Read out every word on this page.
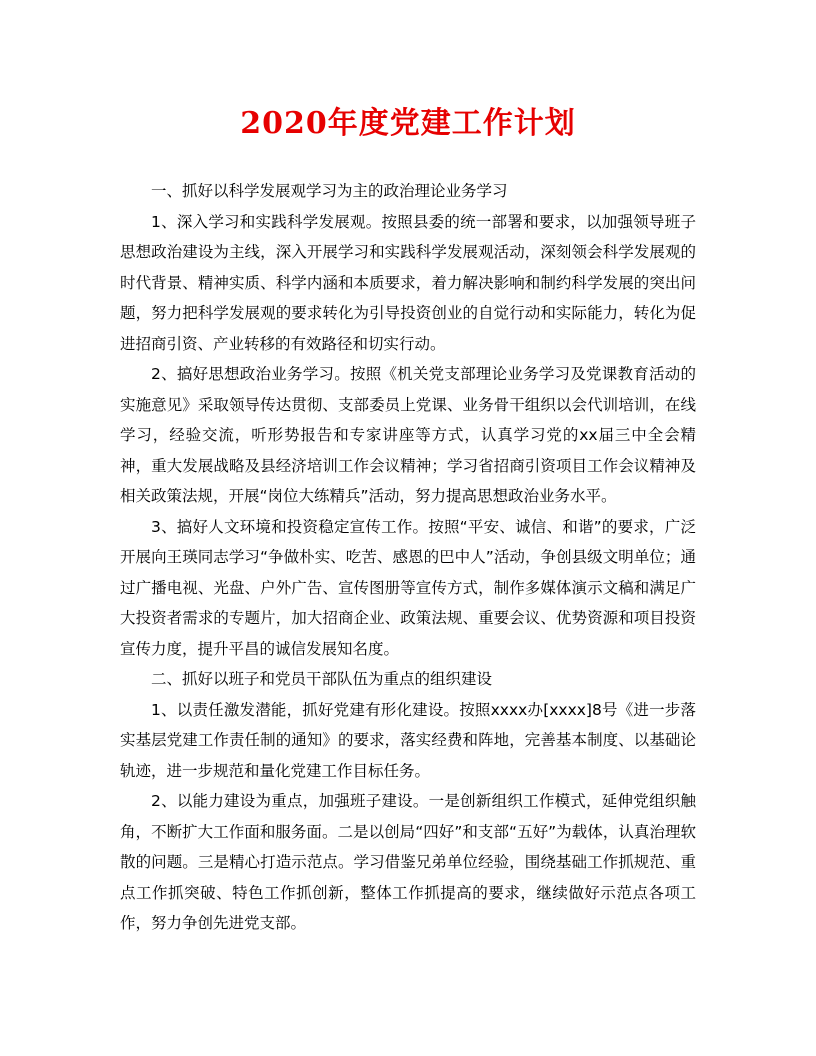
2020年度党建工作计划

一、抓好以科学发展观学习为主的政治理论业务学习

1、深入学习和实践科学发展观。按照县委的统一部署和要求，以加强领导班子思想政治建设为主线，深入开展学习和实践科学发展观活动，深刻领会科学发展观的时代背景、精神实质、科学内涵和本质要求，着力解决影响和制约科学发展的突出问题，努力把科学发展观的要求转化为引导投资创业的自觉行动和实际能力，转化为促进招商引资、产业转移的有效路径和切实行动。

2、搞好思想政治业务学习。按照《机关党支部理论业务学习及党课教育活动的实施意见》采取领导传达贯彻、支部委员上党课、业务骨干组织以会代训培训，在线学习，经验交流，听形势报告和专家讲座等方式，认真学习党的xx届三中全会精神，重大发展战略及县经济培训工作会议精神；学习省招商引资项目工作会议精神及相关政策法规，开展“岗位大练精兵”活动，努力提高思想政治业务水平。

3、搞好人文环境和投资稳定宣传工作。按照“平安、诚信、和谐”的要求，广泛开展向王瑛同志学习“争做朴实、吃苦、感恩的巴中人”活动，争创县级文明单位；通过广播电视、光盘、户外广告、宣传图册等宣传方式，制作多媒体演示文稿和满足广大投资者需求的专题片，加大招商企业、政策法规、重要会议、优势资源和项目投资宣传力度，提升平昌的诚信发展知名度。

二、抓好以班子和党员干部队伍为重点的组织建设

1、以责任激发潜能，抓好党建有形化建设。按照xxxx办[xxxx]8号《进一步落实基层党建工作责任制的通知》的要求，落实经费和阵地，完善基本制度、以基础论轨迹，进一步规范和量化党建工作目标任务。

2、以能力建设为重点，加强班子建设。一是创新组织工作模式，延伸党组织触角，不断扩大工作面和服务面。二是以创局“四好”和支部“五好”为载体，认真治理软散的问题。三是精心打造示范点。学习借鉴兄弟单位经验，围绕基础工作抓规范、重点工作抓突破、特色工作抓创新，整体工作抓提高的要求，继续做好示范点各项工作，努力争创先进党支部。
